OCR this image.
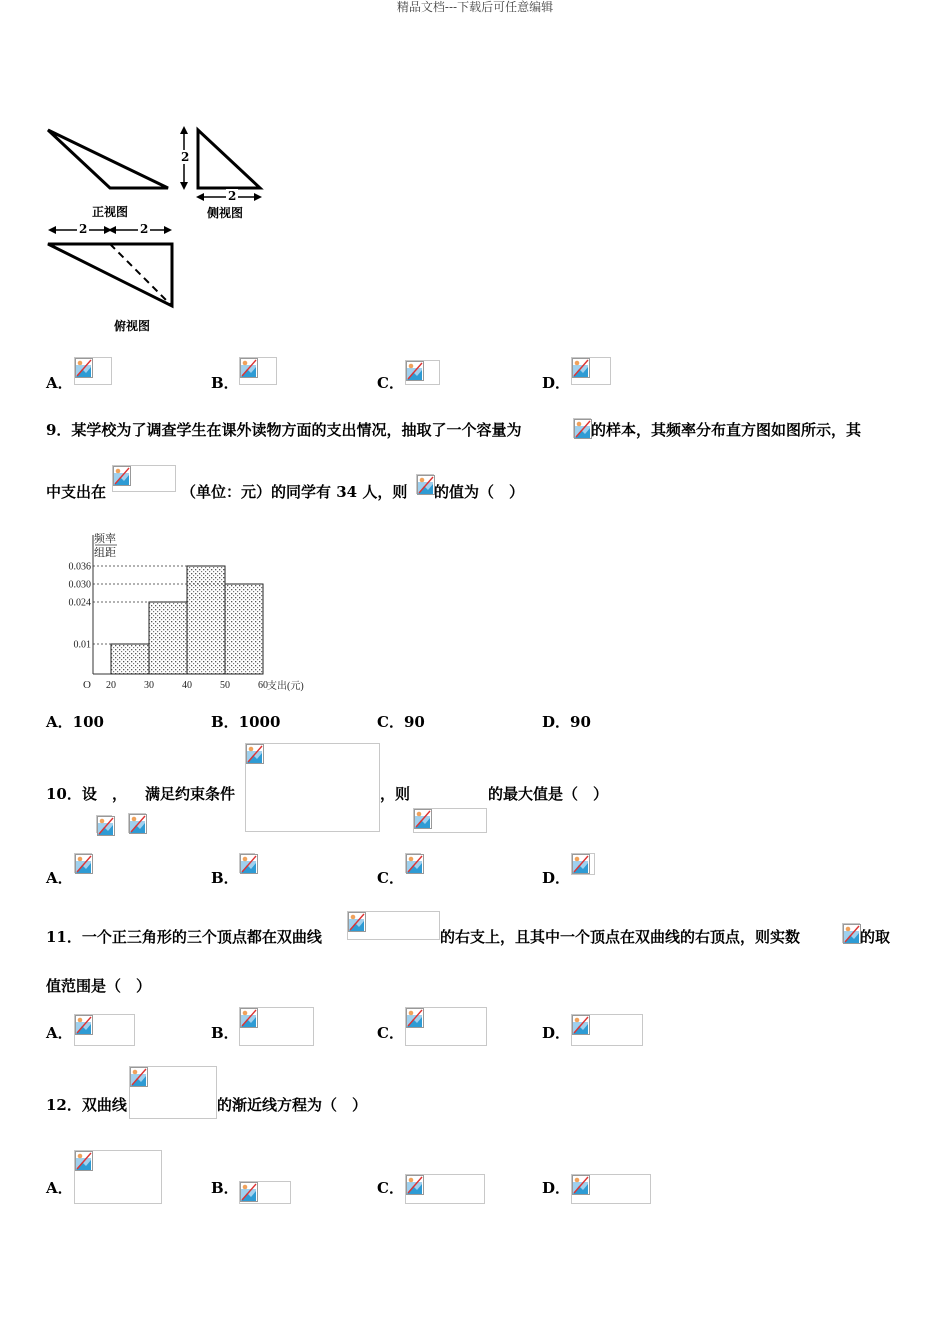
精品文档---下载后可任意编辑
2
2
2	2
正视图	侧视图
俯视图
A．	B．	C．	D．
9．某学校为了调查学生在课外读物方面的支出情况，抽取了一个容量为	的样本，其频率分布直方图如图所示，其
中支出在	（单位：元）的同学有 34 人，则 的值为（　）
0.036
0.030
0.024
0.01
20	30	40	50	60
O	支出(元)
频率
组距
A．100	B．1000	C．90	D．90
10．设 ， 满足约束条件	，则	的最大值是（　）
A．	B．	C．	D．
11．一个正三角形的三个顶点都在双曲线	的右支上，且其中一个顶点在双曲线的右顶点，则实数	的取
值范围是（　）
A．	B．	C．	D．
12．双曲线	的渐近线方程为（　）
A．	B．	C．	D．
